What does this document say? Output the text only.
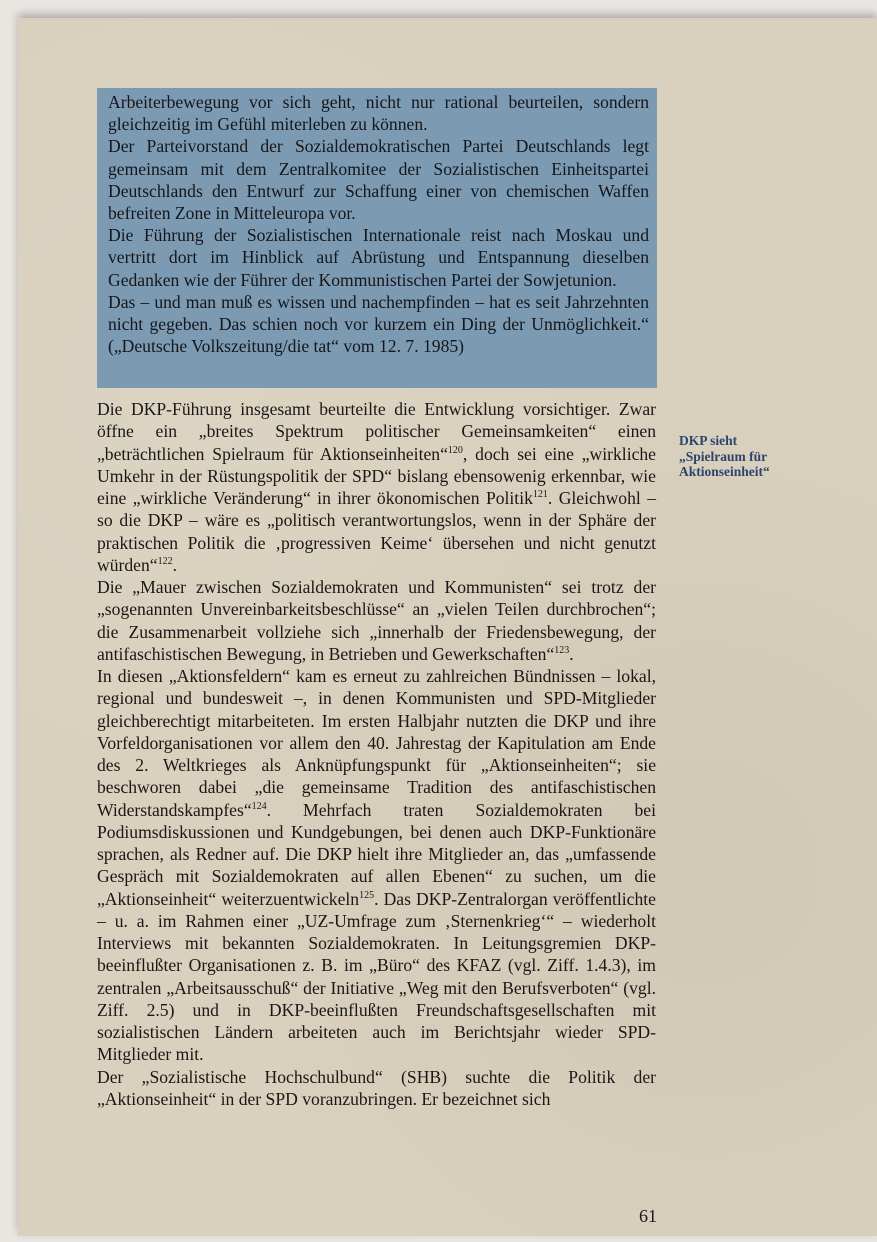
Arbeiterbewegung vor sich geht, nicht nur rational beurteilen, sondern gleichzeitig im Gefühl miterleben zu können.

Der Parteivorstand der Sozialdemokratischen Partei Deutschlands legt gemeinsam mit dem Zentralkomitee der Sozialistischen Einheitspartei Deutschlands den Entwurf zur Schaffung einer von chemischen Waffen befreiten Zone in Mitteleuropa vor.

Die Führung der Sozialistischen Internationale reist nach Moskau und vertritt dort im Hinblick auf Abrüstung und Entspannung dieselben Gedanken wie der Führer der Kommunistischen Partei der Sowjetunion.

Das – und man muß es wissen und nachempfinden – hat es seit Jahrzehnten nicht gegeben. Das schien noch vor kurzem ein Ding der Unmöglichkeit.“ („Deutsche Volkszeitung/die tat“ vom 12. 7. 1985)

Die DKP-Führung insgesamt beurteilte die Entwicklung vorsichtiger. Zwar öffne ein „breites Spektrum politischer Gemeinsamkeiten“ einen „beträchtlichen Spielraum für Aktionseinheiten“$^{120}$, doch sei eine „wirkliche Umkehr in der Rüstungspolitik der SPD“ bislang ebensowenig erkennbar, wie eine „wirkliche Veränderung“ in ihrer ökonomischen Politik$^{121}$. Gleichwohl – so die DKP – wäre es „politisch verantwortungslos, wenn in der Sphäre der praktischen Politik die ‚progressiven Keime‘ übersehen und nicht genutzt würden“$^{122}$.

Die „Mauer zwischen Sozialdemokraten und Kommunisten“ sei trotz der „sogenannten Unvereinbarkeitsbeschlüsse“ an „vielen Teilen durchbrochen“; die Zusammenarbeit vollziehe sich „innerhalb der Friedensbewegung, der antifaschistischen Bewegung, in Betrieben und Gewerkschaften“$^{123}$.

In diesen „Aktionsfeldern“ kam es erneut zu zahlreichen Bündnissen – lokal, regional und bundesweit –, in denen Kommunisten und SPD-Mitglieder gleichberechtigt mitarbeiteten. Im ersten Halbjahr nutzten die DKP und ihre Vorfeldorganisationen vor allem den 40. Jahrestag der Kapitulation am Ende des 2. Weltkrieges als Anknüpfungspunkt für „Aktionseinheiten“; sie beschworen dabei „die gemeinsame Tradition des antifaschistischen Widerstandskampfes“$^{124}$. Mehrfach traten Sozialdemokraten bei Podiumsdiskussionen und Kundgebungen, bei denen auch DKP-Funktionäre sprachen, als Redner auf. Die DKP hielt ihre Mitglieder an, das „umfassende Gespräch mit Sozialdemokraten auf allen Ebenen“ zu suchen, um die „Aktionseinheit“ weiterzuentwickeln$^{125}$. Das DKP-Zentralorgan veröffentlichte – u. a. im Rahmen einer „UZ-Umfrage zum ‚Sternenkrieg‘“ – wiederholt Interviews mit bekannten Sozialdemokraten. In Leitungsgremien DKP-beeinflußter Organisationen z. B. im „Büro“ des KFAZ (vgl. Ziff. 1.4.3), im zentralen „Arbeitsausschuß“ der Initiative „Weg mit den Berufsverboten“ (vgl. Ziff. 2.5) und in DKP-beeinflußten Freundschaftsgesellschaften mit sozialistischen Ländern arbeiteten auch im Berichtsjahr wieder SPD-Mitglieder mit.

Der „Sozialistische Hochschulbund“ (SHB) suchte die Politik der „Aktionseinheit“ in der SPD voranzubringen. Er bezeichnet sich

DKP sieht „Spielraum für Aktionseinheit“
61
